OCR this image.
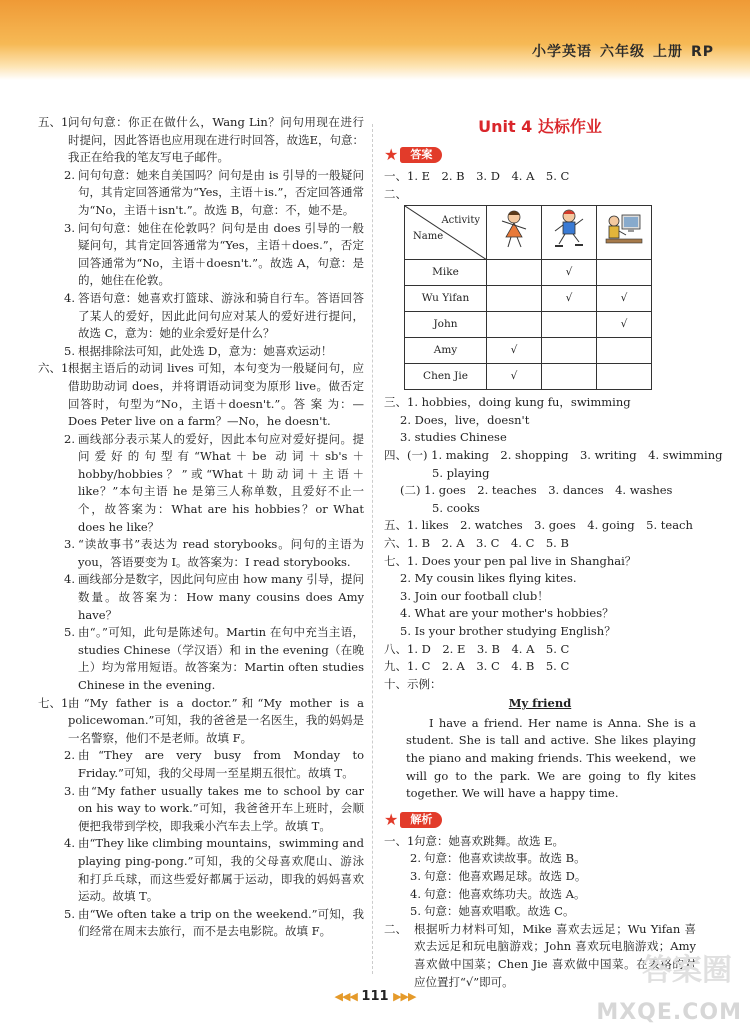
小学英语 六年级 上册 RP
五、1.
问句句意：你正在做什么，Wang Lin？问句用现在进行时提问，因此答语也应用现在进行时回答，故选E，句意：我正在给我的笔友写电子邮件。
2. 问句句意：她来自美国吗？问句是由 is 引导的一般疑问句，其肯定回答通常为“Yes，主语＋is.”，否定回答通常为“No，主语＋isn't.”。故选 B，句意：不，她不是。
3. 问句句意：她住在伦敦吗？问句是由 does 引导的一般疑问句，其肯定回答通常为“Yes，主语＋does.”，否定回答通常为“No，主语＋doesn't.”。故选 A，句意：是的，她住在伦敦。
4. 答语句意：她喜欢打篮球、游泳和骑自行车。答语回答了某人的爱好，因此此问句应对某人的爱好进行提问，故选 C，意为：她的业余爱好是什么？
5. 根据排除法可知，此处选 D，意为：她喜欢运动！
六、1.
根据主语后的动词 lives 可知，本句变为一般疑问句，应借助助动词 does，并将谓语动词变为原形 live。做否定回答时，句型为“No，主语＋doesn't.”。答 案 为：—Does Peter live on a farm？—No，he doesn't.
2. 画线部分表示某人的爱好，因此本句应对爱好提问。提问爱好的句型有“What＋be 动词＋sb's＋hobby/hobbies？”或“What＋助动词＋主语＋like？”本句主语 he 是第三人称单数，且爱好不止一个，故答案为：What are his hobbies？or What does he like？
3. “读故事书”表达为 read storybooks。问句的主语为 you，答语要变为 I。故答案为：I read storybooks.
4. 画线部分是数字，因此问句应由 how many 引导，提问数量。故答案为：How many cousins does Amy have？
5. 由“。”可知，此句是陈述句。Martin 在句中充当主语，studies Chinese（学汉语）和 in the evening（在晚上）均为常用短语。故答案为：Martin often studies Chinese in the evening.
七、1.
由“My father is a doctor.”和“My mother is a policewoman.”可知，我的爸爸是一名医生，我的妈妈是一名警察，他们不是老师。故填 F。
2. 由“They are very busy from Monday to Friday.”可知，我的父母周一至星期五很忙。故填 T。
3. 由“My father usually takes me to school by car on his way to work.”可知，我爸爸开车上班时，会顺便把我带到学校，即我乘小汽车去上学。故填 T。
4. 由“They like climbing mountains，swimming and playing ping-pong.”可知，我的父母喜欢爬山、游泳和打乒乓球，而这些爱好都属于运动，即我的妈妈喜欢运动。故填 T。
5. 由“We often take a trip on the weekend.”可知，我们经常在周末去旅行，而不是去电影院。故填 F。
Unit 4 达标作业
★	答案
一、1. E　2. B　3. D　4. A　5. C
二、
Activity
Name

Mike		√	
Wu Yifan		√	√
John			√
Amy	√		
Chen Jie	√		
三、1. hobbies，doing kung fu，swimming
2. Does，live，doesn't
3. studies Chinese
四、(一) 1. making　2. shopping　3. writing　4. swimming
5. playing
(二) 1. goes　2. teaches　3. dances　4. washes
5. cooks
五、1. likes　2. watches　3. goes　4. going　5. teach
六、1. B　2. A　3. C　4. C　5. B
七、1. Does your pen pal live in Shanghai？
2. My cousin likes flying kites.
3. Join our football club！
4. What are your mother's hobbies？
5. Is your brother studying English？
八、1. D　2. E　3. B　4. A　5. C
九、1. C　2. A　3. C　4. B　5. C
十、示例：
My friend
I have a friend. Her name is Anna. She is a student. She is tall and active. She likes playing the piano and making friends. This weekend，we will go to the park. We are going to fly kites together. We will have a happy time.
★	解析
一、1.
句意：她喜欢跳舞。故选 E。
2. 句意：他喜欢读故事。故选 B。
3. 句意：他喜欢踢足球。故选 D。
4. 句意：他喜欢练功夫。故选 A。
5. 句意：她喜欢唱歌。故选 C。
二、 根据听力材料可知，Mike 喜欢去远足；Wu Yifan 喜欢去远足和玩电脑游戏；John 喜欢玩电脑游戏；Amy 喜欢做中国菜；Chen Jie 喜欢做中国菜。在表格的对应位置打“√”即可。
◀◀◀ 111 ▶▶▶
答案圈
MXQE.COM
